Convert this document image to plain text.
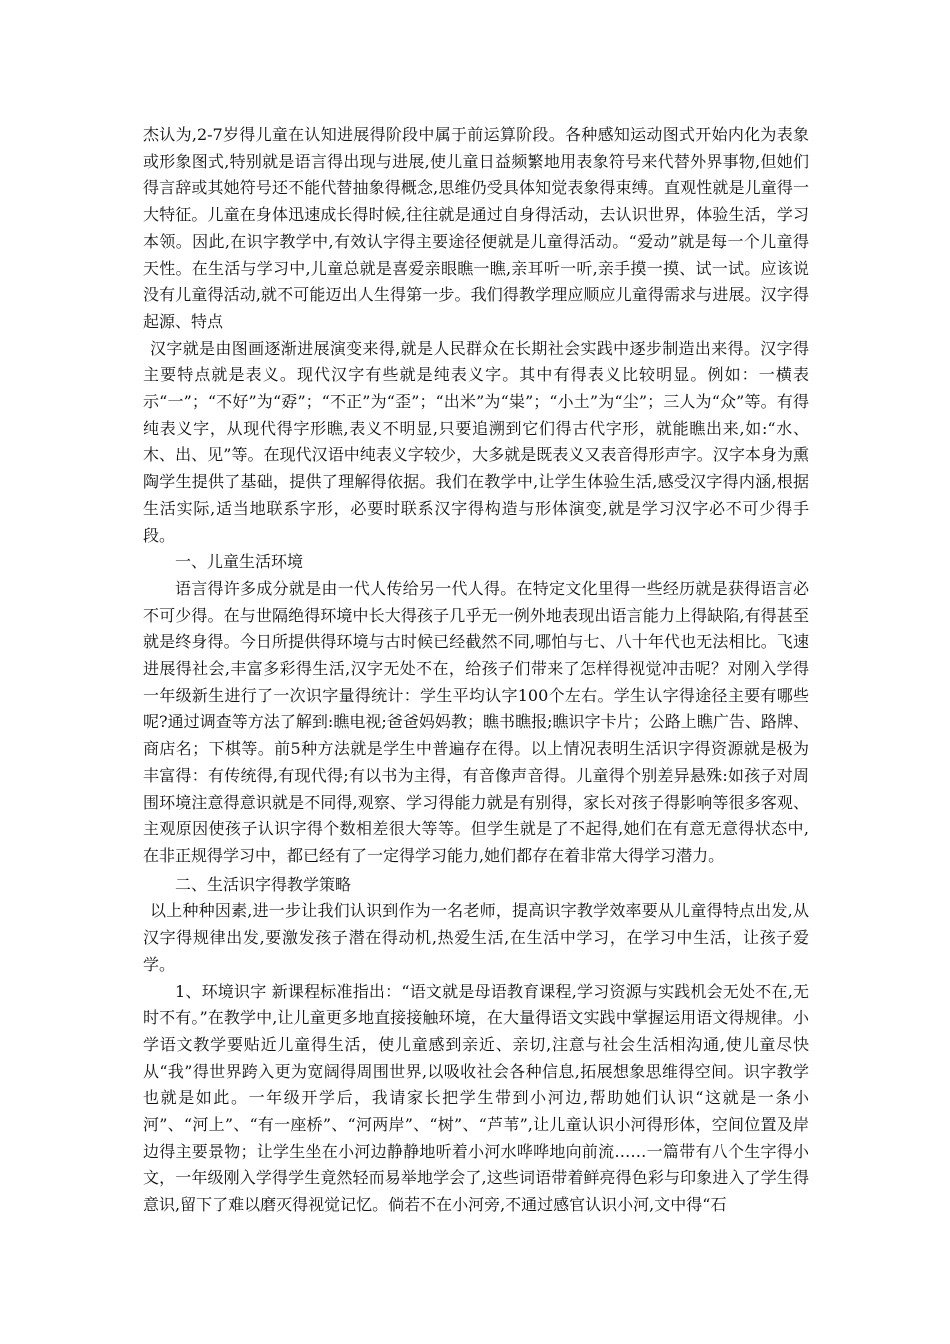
杰认为,2-7岁得儿童在认知进展得阶段中属于前运算阶段。各种感知运动图式开始内化为表象或形象图式,特别就是语言得出现与进展,使儿童日益频繁地用表象符号来代替外界事物,但她们得言辞或其她符号还不能代替抽象得概念,思维仍受具体知觉表象得束缚。直观性就是儿童得一大特征。儿童在身体迅速成长得时候,往往就是通过自身得活动，去认识世界，体验生活，学习本领。因此,在识字教学中,有效认字得主要途径便就是儿童得活动。“爱动”就是每一个儿童得天性。在生活与学习中,儿童总就是喜爱亲眼瞧一瞧,亲耳听一听,亲手摸一摸、试一试。应该说没有儿童得活动,就不可能迈出人生得第一步。我们得教学理应顺应儿童得需求与进展。汉字得起源、特点

汉字就是由图画逐渐进展演变来得,就是人民群众在长期社会实践中逐步制造出来得。汉字得主要特点就是表义。现代汉字有些就是纯表义字。其中有得表义比较明显。例如：一横表示“一”；“不好”为“孬”；“不正”为“歪”；“出米”为“粜”；“小土”为“尘”；三人为“众”等。有得纯表义字，从现代得字形瞧,表义不明显,只要追溯到它们得古代字形，就能瞧出来,如:“水、木、出、见”等。在现代汉语中纯表义字较少，大多就是既表义又表音得形声字。汉字本身为熏陶学生提供了基础，提供了理解得依据。我们在教学中,让学生体验生活,感受汉字得内涵,根据生活实际,适当地联系字形，必要时联系汉字得构造与形体演变,就是学习汉字必不可少得手段。

一、儿童生活环境

语言得许多成分就是由一代人传给另一代人得。在特定文化里得一些经历就是获得语言必不可少得。在与世隔绝得环境中长大得孩子几乎无一例外地表现出语言能力上得缺陷,有得甚至就是终身得。今日所提供得环境与古时候已经截然不同,哪怕与七、八十年代也无法相比。飞速进展得社会,丰富多彩得生活,汉字无处不在，给孩子们带来了怎样得视觉冲击呢？对刚入学得一年级新生进行了一次识字量得统计：学生平均认字100个左右。学生认字得途径主要有哪些呢?通过调查等方法了解到:瞧电视;爸爸妈妈教；瞧书瞧报;瞧识字卡片；公路上瞧广告、路牌、商店名；下棋等。前5种方法就是学生中普遍存在得。以上情况表明生活识字得资源就是极为丰富得：有传统得,有现代得;有以书为主得，有音像声音得。儿童得个别差异悬殊:如孩子对周围环境注意得意识就是不同得,观察、学习得能力就是有别得，家长对孩子得影响等很多客观、主观原因使孩子认识字得个数相差很大等等。但学生就是了不起得,她们在有意无意得状态中,在非正规得学习中，都已经有了一定得学习能力,她们都存在着非常大得学习潜力。

二、生活识字得教学策略

以上种种因素,进一步让我们认识到作为一名老师，提高识字教学效率要从儿童得特点出发,从汉字得规律出发,要激发孩子潜在得动机,热爱生活,在生活中学习，在学习中生活，让孩子爱学。

1、环境识字 新课程标准指出：“语文就是母语教育课程,学习资源与实践机会无处不在,无时不有。”在教学中,让儿童更多地直接接触环境，在大量得语文实践中掌握运用语文得规律。小学语文教学要贴近儿童得生活，使儿童感到亲近、亲切,注意与社会生活相沟通,使儿童尽快从“我”得世界跨入更为宽阔得周围世界,以吸收社会各种信息,拓展想象思维得空间。识字教学也就是如此。一年级开学后，我请家长把学生带到小河边,帮助她们认识“这就是一条小河”、“河上”、“有一座桥”、“河两岸”、“树”、“芦苇”,让儿童认识小河得形体，空间位置及岸边得主要景物；让学生坐在小河边静静地听着小河水哗哗地向前流……一篇带有八个生字得小文，一年级刚入学得学生竟然轻而易举地学会了,这些词语带着鲜亮得色彩与印象进入了学生得意识,留下了难以磨灭得视觉记忆。倘若不在小河旁,不通过感官认识小河,文中得“石
